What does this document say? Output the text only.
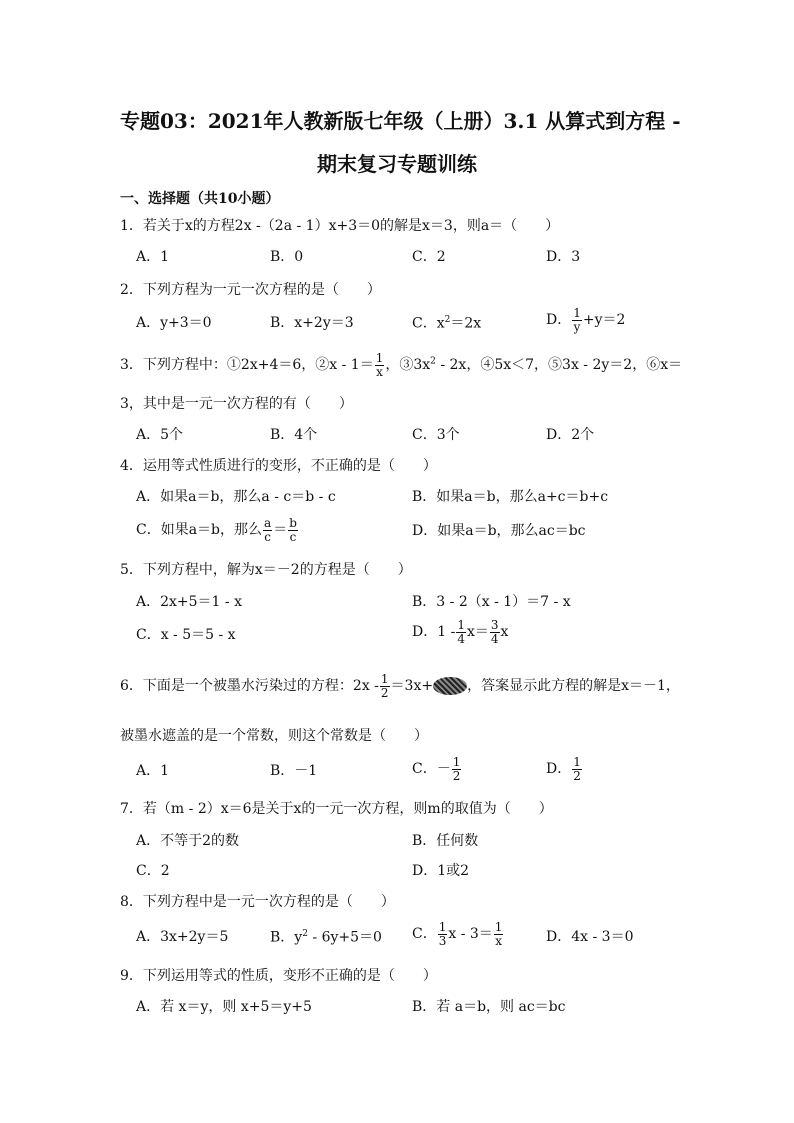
专题03：2021年人教新版七年级（上册）3.1 从算式到方程 -
期末复习专题训练
一、选择题（共10小题）
1．若关于x的方程2x -（2a - 1）x+3＝0的解是x＝3，则a＝（　　）
A．1	B．0	C．2	D．3
2．下列方程为一元一次方程的是（　　）
A．y+3＝0	B．x+2y＝3	C．$x^2=2x$	D． $\frac{1}{y} +y=2$
3．下列方程中：①2x+4＝6，②x - $1= \frac{1}{x}$ ，$③3x^2 - 2x$，④5x＜7，⑤3x - 2y＝2，⑥x＝
3，其中是一元一次方程的有（　　）
A．5个	B．4个	C．3个	D．2个
4．运用等式性质进行的变形，不正确的是（　　）
A．如果a＝b，那么a - c＝b - c	B．如果a＝b，那么a+c＝b+c
C．如果a＝b，那么 $\frac{a}{c} = \frac{b}{c}$	D．如果a＝b，那么ac＝bc
5．下列方程中，解为x＝－2的方程是（　　）
A．2x+5＝1 - x	B．3 - 2（x - 1）＝7 - x
C．x - 5＝5 - x	D．$1 - \frac{1}{4} x= \frac{3}{4}$ x
6．下面是一个被墨水污染过的方程：$2x - \frac{1}{2} =3x+$ ，答案显示此方程的解是x＝－1，
被墨水遮盖的是一个常数，则这个常数是（　　）
A．1	B．－1	C．－ $\frac{1}{2}$	D． $\frac{1}{2}$
7．若（m - 2）x＝6是关于x的一元一次方程，则m的取值为（　　）
A．不等于2的数	B．任何数
C．2	D．1或2
8．下列方程中是一元一次方程的是（　　）
A．3x+2y＝5	B．$y^2 - 6y+5=0$ C． $\frac{1}{3}$ $x - 3= \frac{1}{x}$	D．4x - 3＝0
9．下列运用等式的性质，变形不正确的是（　　）
A．若 x＝y，则 x+5＝y+5	B．若 a＝b，则 ac＝bc
